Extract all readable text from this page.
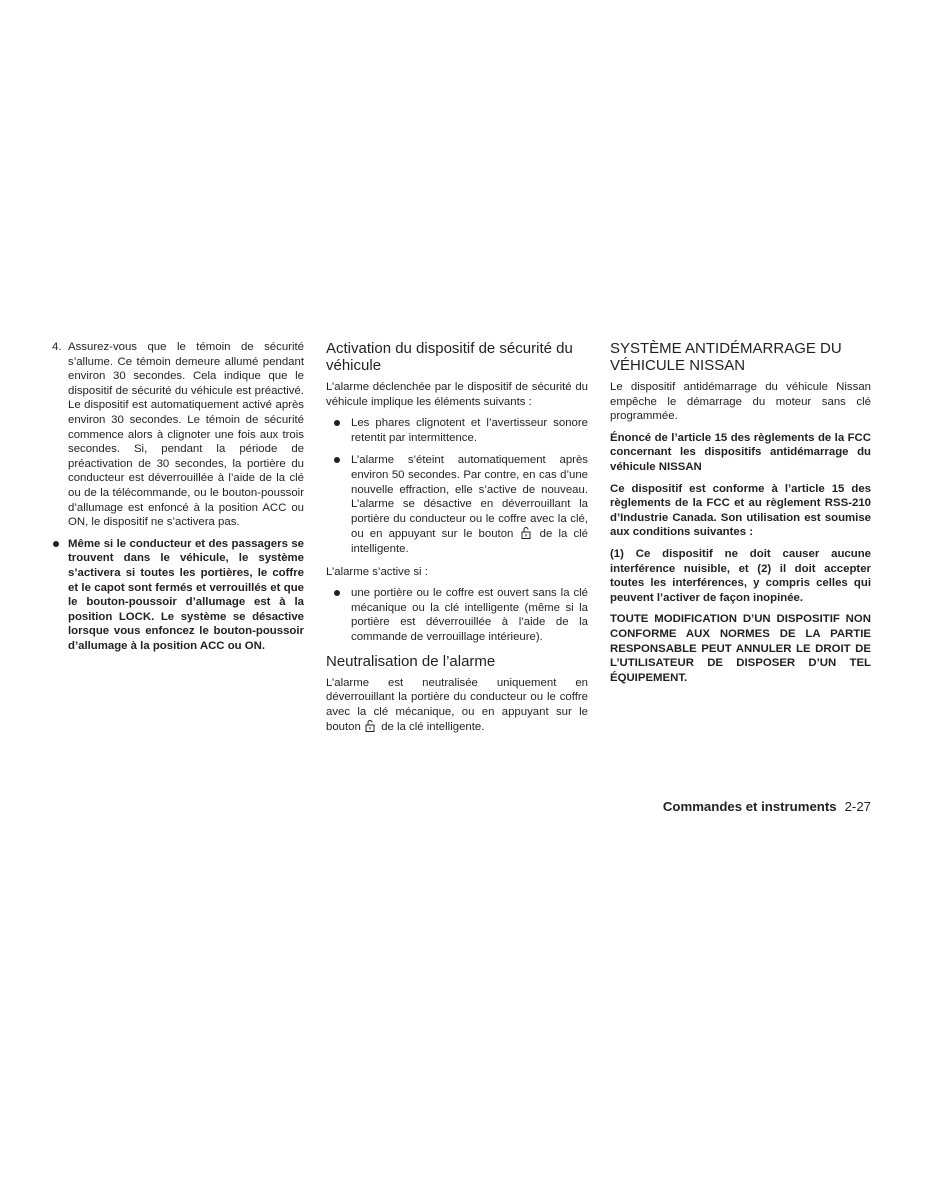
4. Assurez-vous que le témoin de sécurité s’allume. Ce témoin demeure allumé pendant environ 30 secondes. Cela indique que le dispositif de sécurité du véhicule est préactivé. Le dispositif est automatiquement activé après environ 30 secondes. Le témoin de sécurité commence alors à clignoter une fois aux trois secondes. Si, pendant la période de préactivation de 30 secondes, la portière du conducteur est déverrouillée à l’aide de la clé ou de la télécommande, ou le bouton-poussoir d’allumage est enfoncé à la position ACC ou ON, le dispositif ne s’activera pas.
Même si le conducteur et des passagers se trouvent dans le véhicule, le système s’activera si toutes les portières, le coffre et le capot sont fermés et verrouillés et que le bouton-poussoir d’allumage est à la position LOCK. Le système se désactive lorsque vous enfoncez le bouton-poussoir d’allumage à la position ACC ou ON.
Activation du dispositif de sécurité du véhicule

L’alarme déclenchée par le dispositif de sécurité du véhicule implique les éléments suivants :

Les phares clignotent et l’avertisseur sonore retentit par intermittence.
L’alarme s’éteint automatiquement après environ 50 secondes. Par contre, en cas d’une nouvelle effraction, elle s’active de nouveau. L’alarme se désactive en déverrouillant la portière du conducteur ou le coffre avec la clé, ou en appuyant sur le bouton de la clé intelligente.

L’alarme s’active si :

une portière ou le coffre est ouvert sans la clé mécanique ou la clé intelligente (même si la portière est déverrouillée à l’aide de la commande de verrouillage intérieure).
Neutralisation de l’alarme

L’alarme est neutralisée uniquement en déverrouillant la portière du conducteur ou le coffre avec la clé mécanique, ou en appuyant sur le bouton de la clé intelligente.

SYSTÈME ANTIDÉMARRAGE DU VÉHICULE NISSAN

Le dispositif antidémarrage du véhicule Nissan empêche le démarrage du moteur sans clé programmée.

Énoncé de l’article 15 des règlements de la FCC concernant les dispositifs antidémarrage du véhicule NISSAN

Ce dispositif est conforme à l’article 15 des règlements de la FCC et au règlement RSS-210 d’Industrie Canada. Son utilisation est soumise aux conditions suivantes :

(1) Ce dispositif ne doit causer aucune interférence nuisible, et (2) il doit accepter toutes les interférences, y compris celles qui peuvent l’activer de façon inopinée.

TOUTE MODIFICATION D’UN DISPOSITIF NON CONFORME AUX NORMES DE LA PARTIE RESPONSABLE PEUT ANNULER LE DROIT DE L’UTILISATEUR DE DISPOSER D’UN TEL ÉQUIPEMENT.

Commandes et instruments 2-27
